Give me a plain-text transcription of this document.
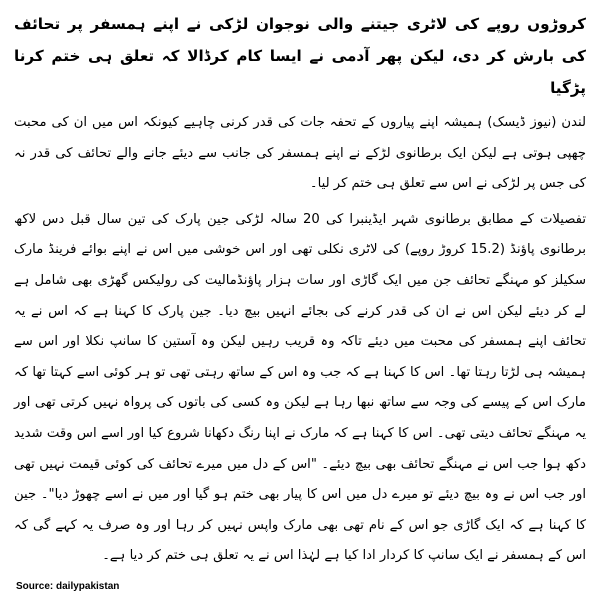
کروڑوں روپے کی لاٹری جیتنے والی نوجوان لڑکی نے اپنے ہمسفر پر تحائف کی بارش کر دی، لیکن پھر آدمی نے ایسا کام کرڈالا کہ تعلق ہی ختم کرنا پڑگیا

لندن (نیوز ڈیسک) ہمیشہ اپنے پیاروں کے تحفہ جات کی قدر کرنی چاہیے کیونکہ اس میں ان کی محبت چھپی ہوتی ہے لیکن ایک برطانوی لڑکے نے اپنے ہمسفر کی جانب سے دیئے جانے والے تحائف کی قدر نہ کی جس پر لڑکی نے اس سے تعلق ہی ختم کر لیا۔

تفصیلات کے مطابق برطانوی شہر ایڈینبرا کی 20 سالہ لڑکی جین پارک کی تین سال قبل دس لاکھ برطانوی پاﺅنڈ (15.2 کروڑ روپے) کی لاٹری نکلی تھی اور اس خوشی میں اس نے اپنے بوائے فرینڈ مارک سکیلز کو مہنگے تحائف جن میں ایک گاڑی اور سات ہزار پاﺅنڈمالیت کی رولیکس گھڑی بھی شامل ہے لے کر دیئے لیکن اس نے ان کی قدر کرنے کی بجائے انہیں بیچ دیا۔ جین پارک کا کہنا ہے کہ اس نے یہ تحائف اپنے ہمسفر کی محبت میں دیئے تاکہ وہ قریب رہیں لیکن وہ آستین کا سانپ نکلا اور اس سے ہمیشہ ہی لڑتا رہتا تھا۔ اس کا کہنا ہے کہ جب وہ اس کے ساتھ رہتی تھی تو ہر کوئی اسے کہتا تھا کہ مارک اس کے پیسے کی وجہ سے ساتھ نبھا رہا ہے لیکن وہ کسی کی باتوں کی پرواہ نہیں کرتی تھی اور یہ مہنگے تحائف دیتی تھی۔ اس کا کہنا ہے کہ مارک نے اپنا رنگ دکھانا شروع کیا اور اسے اس وقت شدید دکھ ہوا جب اس نے مہنگے تحائف بھی بیچ دیئے۔ "اس کے دل میں میرے تحائف کی کوئی قیمت نہیں تھی اور جب اس نے وہ بیچ دیئے تو میرے دل میں اس کا پیار بھی ختم ہو گیا اور میں نے اسے چھوڑ دیا"۔ جین کا کہنا ہے کہ ایک گاڑی جو اس کے نام تھی بھی مارک واپس نہیں کر رہا اور وہ صرف یہ کہے گی کہ اس کے ہمسفر نے ایک سانپ کا کردار ادا کیا ہے لہٰذا اس نے یہ تعلق ہی ختم کر دیا ہے۔

Source: dailypakistan
